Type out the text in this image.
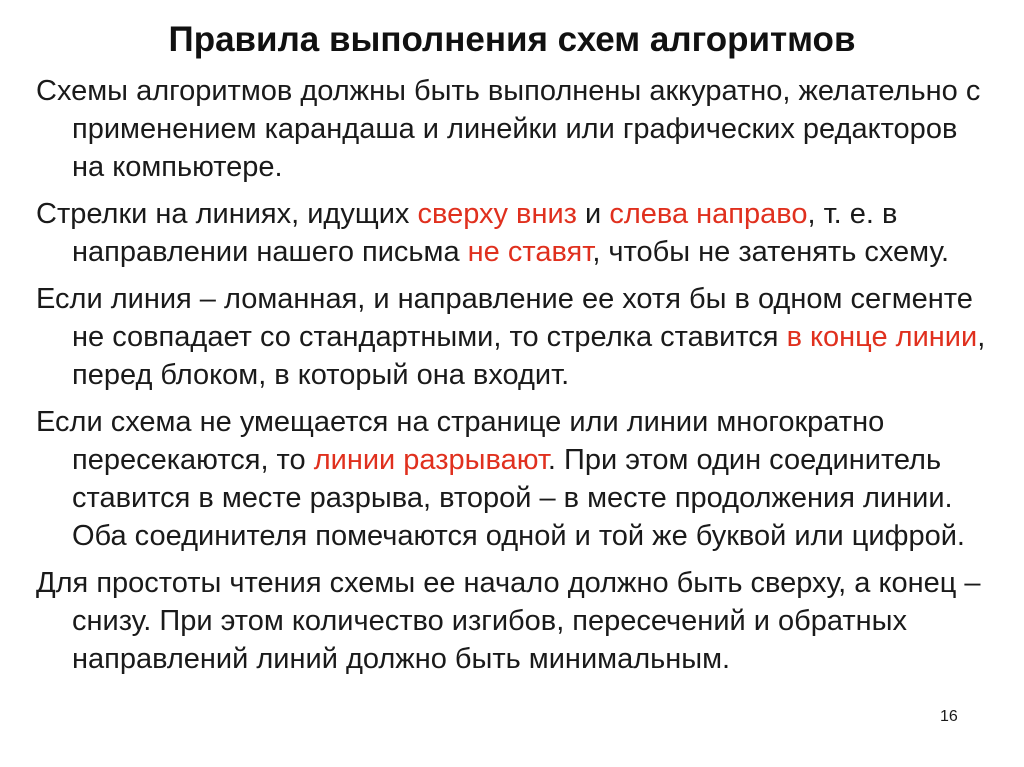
Правила выполнения схем алгоритмов

Схемы алгоритмов должны быть выполнены аккуратно, желательно с применением карандаша и линейки или графических редакторов на компьютере.

Стрелки на линиях, идущих сверху вниз и слева направо, т. е. в направлении нашего письма не ставят, чтобы не затенять схему.

Если линия – ломанная, и направление ее хотя бы в одном сегменте не совпадает со стандартными, то стрелка ставится в конце линии, перед блоком, в который она входит.

Если схема не умещается на странице или линии многократно пересекаются, то линии разрывают. При этом один соединитель ставится в месте разрыва, второй – в месте продолжения линии. Оба соединителя помечаются одной и той же буквой или цифрой.

Для простоты чтения схемы ее начало должно быть сверху, а конец – снизу. При этом количество изгибов, пересечений и обратных направлений линий должно быть минимальным.

16
